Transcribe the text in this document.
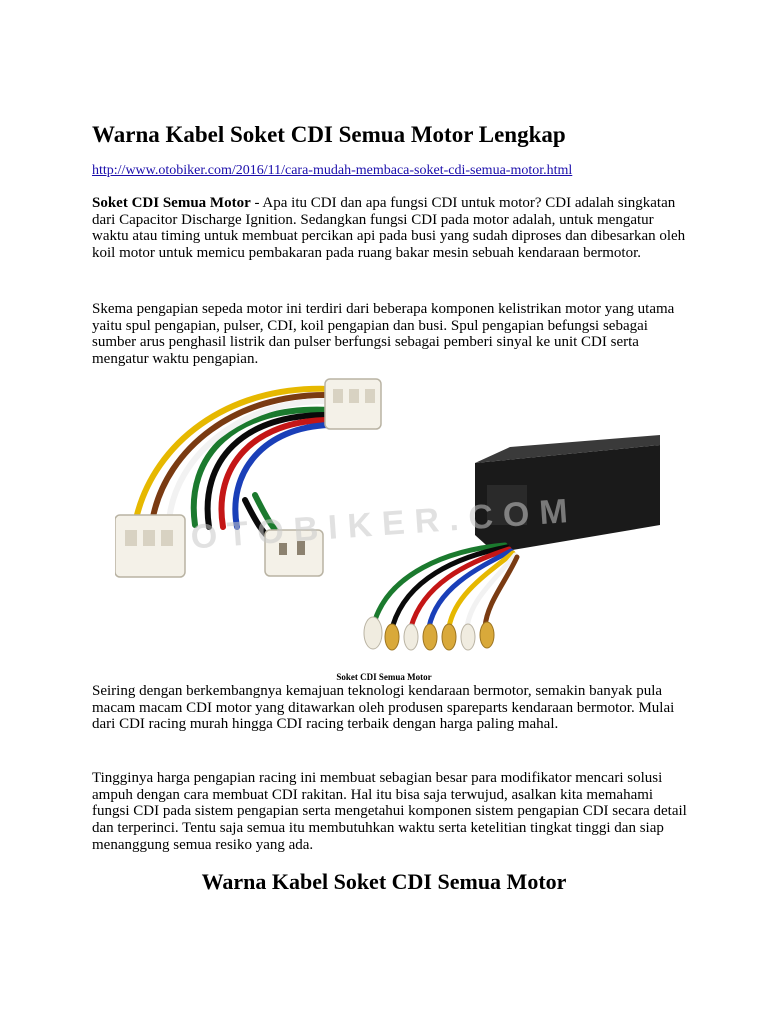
Warna Kabel Soket CDI Semua Motor Lengkap
http://www.otobiker.com/2016/11/cara-mudah-membaca-soket-cdi-semua-motor.html

Soket CDI Semua Motor - Apa itu CDI dan apa fungsi CDI untuk motor? CDI adalah singkatan dari Capacitor Discharge Ignition. Sedangkan fungsi CDI pada motor adalah, untuk mengatur waktu atau timing untuk membuat percikan api pada busi yang sudah diproses dan dibesarkan oleh koil motor untuk memicu pembakaran pada ruang bakar mesin sebuah kendaraan bermotor.

Skema pengapian sepeda motor ini terdiri dari beberapa komponen kelistrikan motor yang utama yaitu spul pengapian, pulser, CDI, koil pengapian dan busi. Spul pengapian befungsi sebagai sumber arus penghasil listrik dan pulser berfungsi sebagai pemberi sinyal ke unit CDI serta mengatur waktu pengapian.

OTOBIKER.COM
Soket CDI Semua Motor

Seiring dengan berkembangnya kemajuan teknologi kendaraan bermotor, semakin banyak pula macam macam CDI motor yang ditawarkan oleh produsen spareparts kendaraan bermotor. Mulai dari CDI racing murah hingga CDI racing terbaik dengan harga paling mahal.

Tingginya harga pengapian racing ini membuat sebagian besar para modifikator mencari solusi ampuh dengan cara membuat CDI rakitan. Hal itu bisa saja terwujud, asalkan kita memahami fungsi CDI pada sistem pengapian serta mengetahui komponen sistem pengapian CDI secara detail dan terperinci. Tentu saja semua itu membutuhkan waktu serta ketelitian tingkat tinggi dan siap menanggung semua resiko yang ada.

Warna Kabel Soket CDI Semua Motor
